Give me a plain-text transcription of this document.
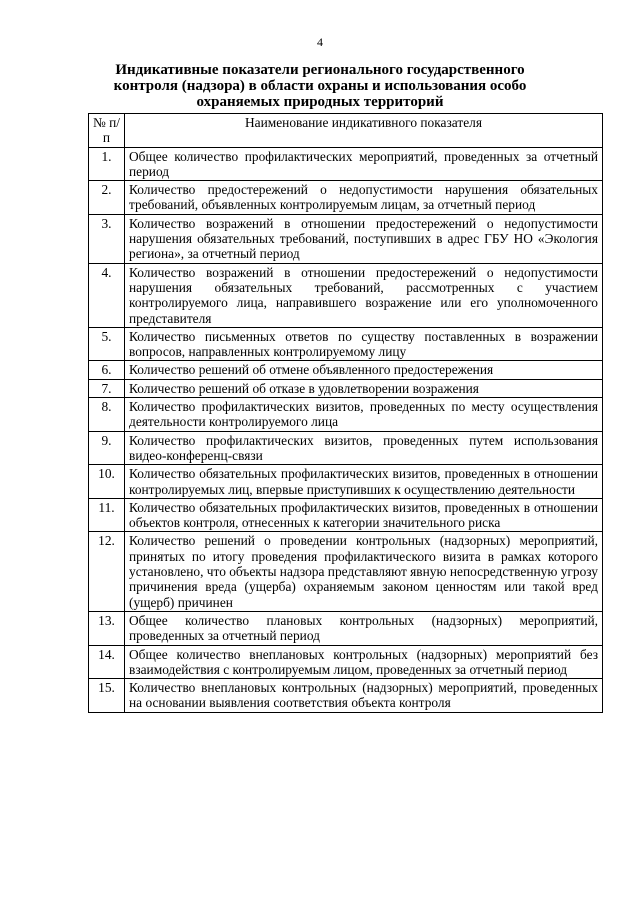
4
Индикативные показатели регионального государственного контроля (надзора) в области охраны и использования особо охраняемых природных территорий
№ п/п	Наименование индикативного показателя
1.	Общее количество профилактических мероприятий, проведенных за отчетный период
2.	Количество предостережений о недопустимости нарушения обязательных требований, объявленных контролируемым лицам, за отчетный период
3.	Количество возражений в отношении предостережений о недопустимости нарушения обязательных требований, поступивших в адрес ГБУ НО «Экология региона», за отчетный период
4.	Количество возражений в отношении предостережений о недопустимости нарушения обязательных требований, рассмотренных с участием контролируемого лица, направившего возражение или его уполномоченного представителя
5.	Количество письменных ответов по существу поставленных в возражении вопросов, направленных контролируемому лицу
6.	Количество решений об отмене объявленного предостережения
7.	Количество решений об отказе в удовлетворении возражения
8.	Количество профилактических визитов, проведенных по месту осуществления деятельности контролируемого лица
9.	Количество профилактических визитов, проведенных путем использования видео-конференц-связи
10.	Количество обязательных профилактических визитов, проведенных в отношении контролируемых лиц, впервые приступивших к осуществлению деятельности
11.	Количество обязательных профилактических визитов, проведенных в отношении объектов контроля, отнесенных к категории значительного риска
12.	Количество решений о проведении контрольных (надзорных) мероприятий, принятых по итогу проведения профилактического визита в рамках которого установлено, что объекты надзора представляют явную непосредственную угрозу причинения вреда (ущерба) охраняемым законом ценностям или такой вред (ущерб) причинен
13.	Общее количество плановых контрольных (надзорных) мероприятий, проведенных за отчетный период
14.	Общее количество внеплановых контрольных (надзорных) мероприятий без взаимодействия с контролируемым лицом, проведенных за отчетный период
15.	Количество внеплановых контрольных (надзорных) мероприятий, проведенных на основании выявления соответствия объекта контроля
